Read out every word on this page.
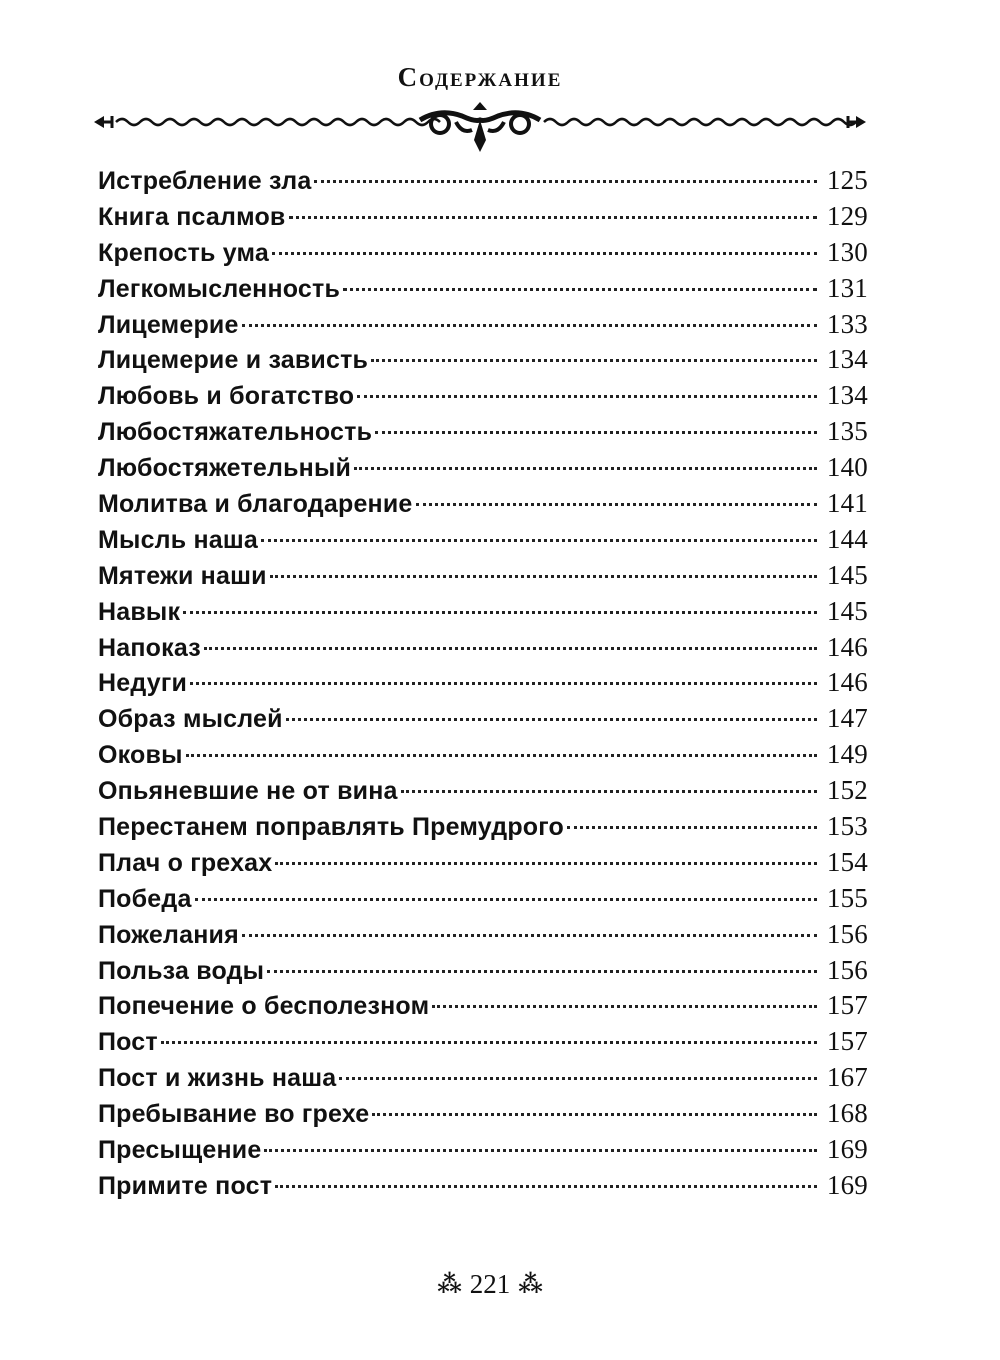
Содержание
Истребление зла	125
Книга псалмов	129
Крепость ума	130
Легкомысленность	131
Лицемерие	133
Лицемерие и зависть	134
Любовь и богатство	134
Любостяжательность	135
Любостяжетельный	140
Молитва и благодарение	141
Мысль наша	144
Мятежи наши	145
Навык	145
Напоказ	146
Недуги	146
Образ мыслей	147
Оковы	149
Опьяневшие не от вина	152
Перестанем поправлять Премудрого	153
Плач о грехах	154
Победа	155
Пожелания	156
Польза воды	156
Попечение о бесполезном	157
Пост	157
Пост и жизнь наша	167
Пребывание во грехе	168
Пресыщение	169
Примите пост	169
⁂ 221 ⁂
